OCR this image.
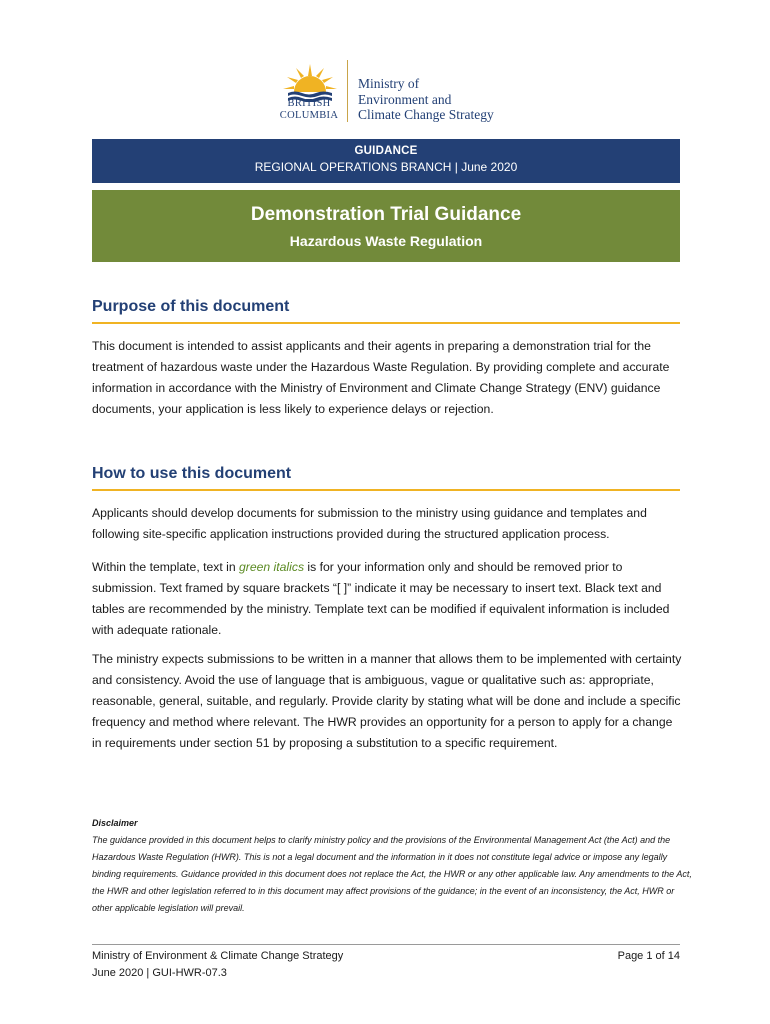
BRITISH
COLUMBIA
Ministry of
Environment and
Climate Change Strategy
GUIDANCE
REGIONAL OPERATIONS BRANCH | June 2020
Demonstration Trial Guidance
Hazardous Waste Regulation
Purpose of this document
This document is intended to assist applicants and their agents in preparing a demonstration trial for the treatment of hazardous waste under the Hazardous Waste Regulation. By providing complete and accurate information in accordance with the Ministry of Environment and Climate Change Strategy (ENV) guidance documents, your application is less likely to experience delays or rejection.
How to use this document
Applicants should develop documents for submission to the ministry using guidance and templates and following site-specific application instructions provided during the structured application process.
Within the template, text in green italics is for your information only and should be removed prior to submission. Text framed by square brackets “[ ]” indicate it may be necessary to insert text. Black text and tables are recommended by the ministry. Template text can be modified if equivalent information is included with adequate rationale.
The ministry expects submissions to be written in a manner that allows them to be implemented with certainty and consistency. Avoid the use of language that is ambiguous, vague or qualitative such as: appropriate, reasonable, general, suitable, and regularly. Provide clarity by stating what will be done and include a specific frequency and method where relevant. The HWR provides an opportunity for a person to apply for a change in requirements under section 51 by proposing a substitution to a specific requirement.
Disclaimer
The guidance provided in this document helps to clarify ministry policy and the provisions of the Environmental Management Act (the Act) and the Hazardous Waste Regulation (HWR). This is not a legal document and the information in it does not constitute legal advice or impose any legally binding requirements. Guidance provided in this document does not replace the Act, the HWR or any other applicable law. Any amendments to the Act, the HWR and other legislation referred to in this document may affect provisions of the guidance; in the event of an inconsistency, the Act, HWR or other applicable legislation will prevail.
Ministry of Environment & Climate Change Strategy
June 2020 | GUI-HWR-07.3
Page 1 of 14
